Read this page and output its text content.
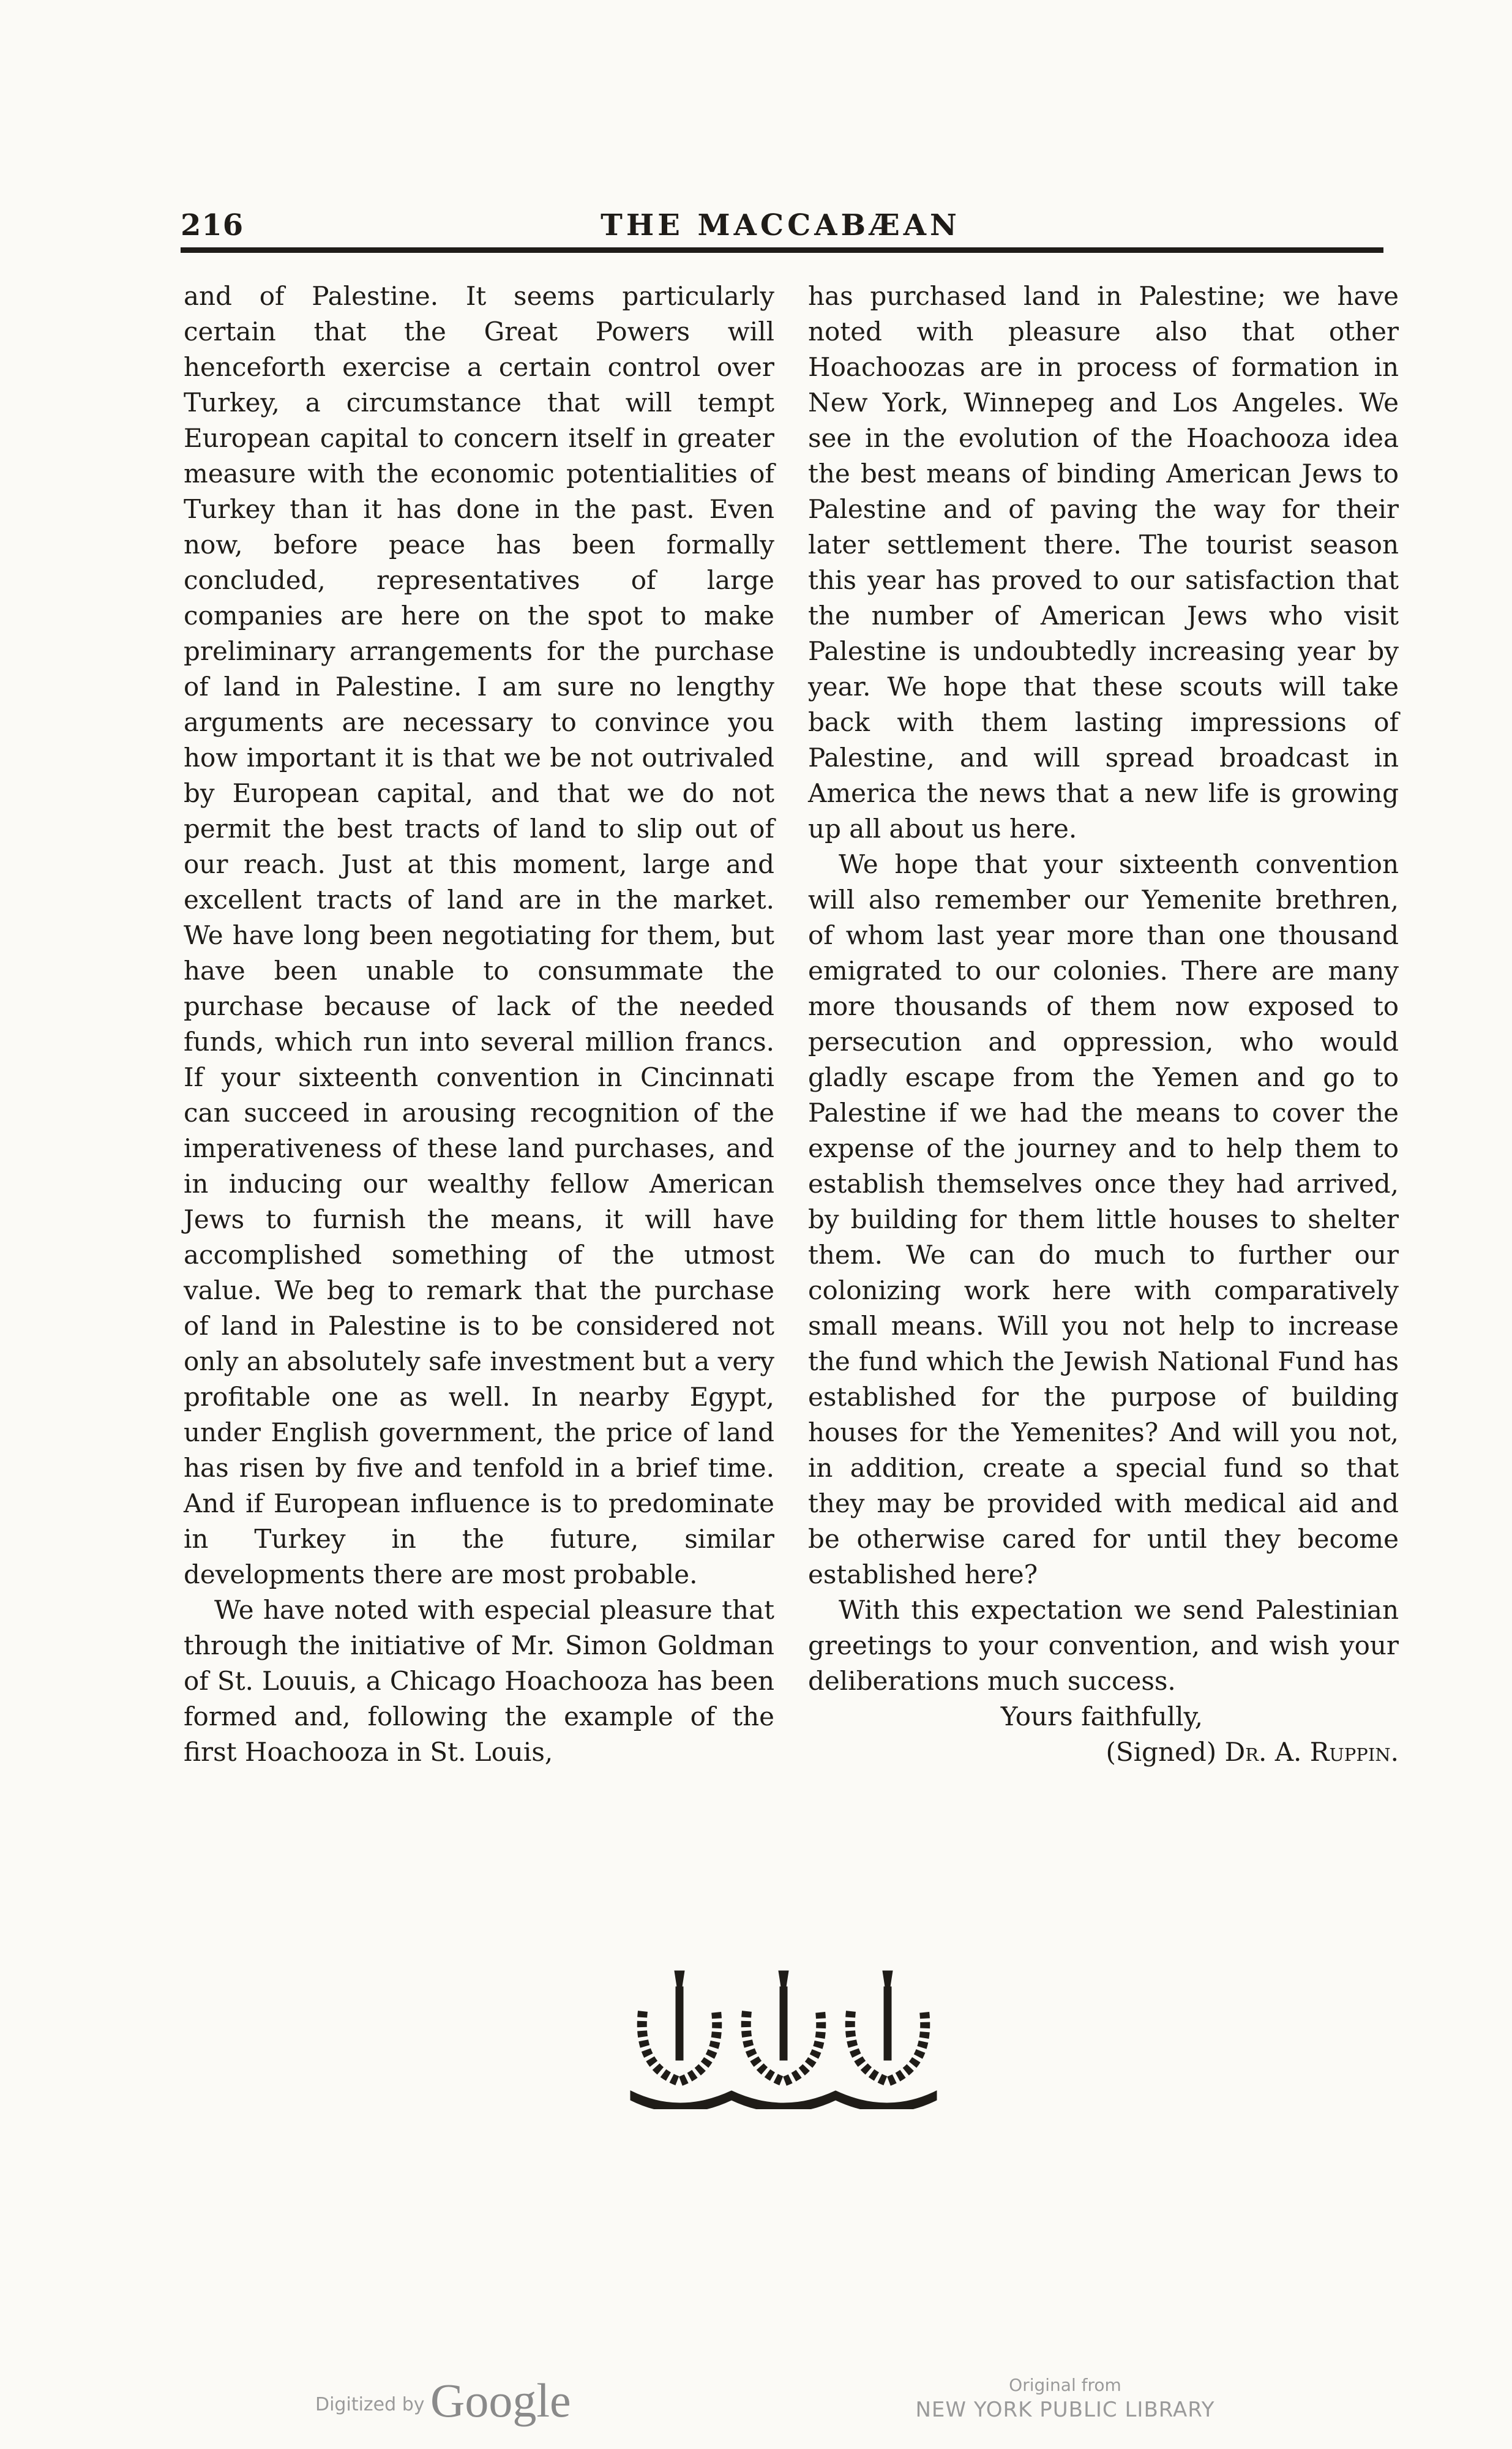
216	THE MACCABÆAN

and of Palestine. It seems particularly certain that the Great Powers will henceforth exercise a certain control over Turkey, a circumstance that will tempt European capital to concern itself in greater measure with the economic potentialities of Turkey than it has done in the past. Even now, before peace has been formally concluded, representatives of large companies are here on the spot to make preliminary arrangements for the purchase of land in Palestine. I am sure no lengthy arguments are necessary to convince you how important it is that we be not outrivaled by European capital, and that we do not permit the best tracts of land to slip out of our reach. Just at this moment, large and excellent tracts of land are in the market. We have long been negotiating for them, but have been unable to consummate the purchase because of lack of the needed funds, which run into several million francs. If your sixteenth convention in Cincinnati can succeed in arousing recognition of the imperativeness of these land purchases, and in inducing our wealthy fellow American Jews to furnish the means, it will have accomplished something of the utmost value. We beg to remark that the purchase of land in Palestine is to be considered not only an absolutely safe investment but a very profitable one as well. In nearby Egypt, under English government, the price of land has risen by five and tenfold in a brief time. And if European influence is to predominate in Turkey in the future, similar developments there are most probable.

We have noted with especial pleasure that through the initiative of Mr. Simon Goldman of St. Louuis, a Chicago Hoachooza has been formed and, following the example of the first Hoachooza in St. Louis,

has purchased land in Palestine; we have noted with pleasure also that other Hoachoozas are in process of formation in New York, Winnepeg and Los Angeles. We see in the evolution of the Hoachooza idea the best means of binding American Jews to Palestine and of paving the way for their later settlement there. The tourist season this year has proved to our satisfaction that the number of American Jews who visit Palestine is undoubtedly increasing year by year. We hope that these scouts will take back with them lasting impressions of Palestine, and will spread broadcast in America the news that a new life is growing up all about us here.

We hope that your sixteenth convention will also remember our Yemenite brethren, of whom last year more than one thousand emigrated to our colonies. There are many more thousands of them now exposed to persecution and oppression, who would gladly escape from the Yemen and go to Palestine if we had the means to cover the expense of the journey and to help them to establish themselves once they had arrived, by building for them little houses to shelter them. We can do much to further our colonizing work here with comparatively small means. Will you not help to increase the fund which the Jewish National Fund has established for the purpose of building houses for the Yemenites? And will you not, in addition, create a special fund so that they may be provided with medical aid and be otherwise cared for until they become established here?

With this expectation we send Palestinian greetings to your convention, and wish your deliberations much success.

Yours faithfully,

(Signed) Dr. A. Ruppin.

Digitized by Google	Original from
NEW YORK PUBLIC LIBRARY
